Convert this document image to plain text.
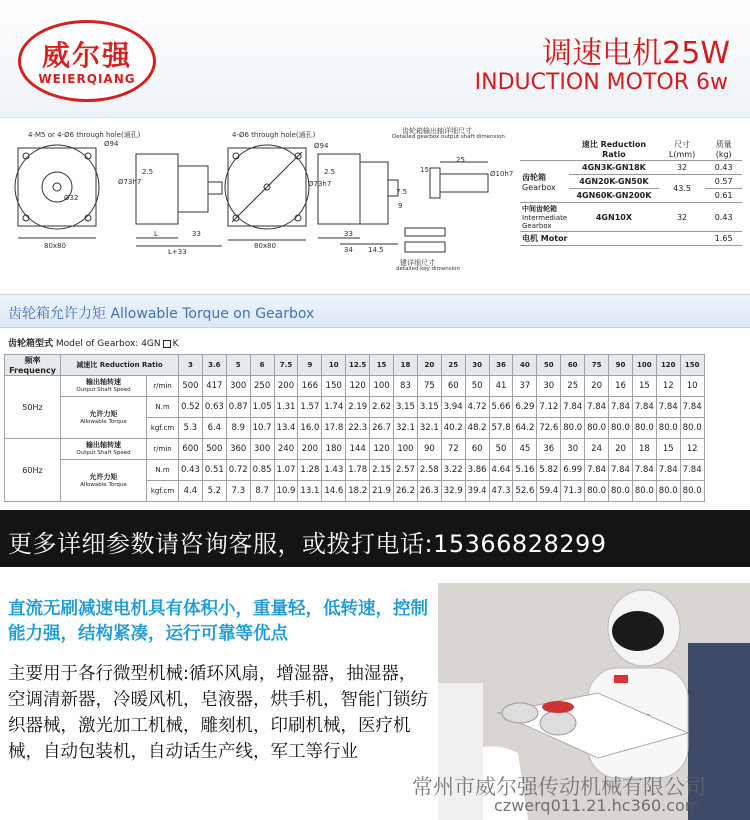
威尔强
WEIERQIANG
调速电机25W
INDUCTION MOTOR 6w
4-M5 or 4-Ø6 through hole(通孔)
Ø94
Ø32
80x80
Ø73h7
2.5
L
L+33
33
4-Ø6 through hole(通孔)
Ø94
80x80
Ø73h7
2.5
33
34 14.5
齿轮箱输出轴详细尺寸
Detailed gearbox output shaft dimension
15
25
Ø10h7
7.5
9
键详细尺寸
detailed key dimension
	速比 Reduction Ratio	尺寸 L(mm)	质量 (kg)
齿轮箱
Gearbox	4GN3K-GN18K	32	0.43
	4GN20K-GN50K	43.5	0.57
	4GN60K-GN200K		0.61
中间齿轮箱
Intermediate
Gearbox	4GN10X	32	0.43
电机 Motor			1.65
齿轮箱允许力矩 Allowable Torque on Gearbox
齿轮箱型式 Model of Gearbox: 4GN K
频率 Frequency	减速比 Reduction Ratio		3	3.6	5	6	7.5	9	10	12.5	15	18	20	25	30	36	40	50	60	75	90	100	120	150
50Hz	输出轴转速
Output Shaft Speed	r/min	500	417	300	250	200	166	150	120	100	83	75	60	50	41	37	30	25	20	16	15	12	10
	允许力矩
Allowable Torque	N.m	0.52	0.63	0.87	1.05	1.31	1.57	1.74	2.19	2.62	3.15	3.15	3.94	4.72	5.66	6.29	7.12	7.84	7.84	7.84	7.84	7.84	7.84
		kgf.cm	5.3	6.4	8.9	10.7	13.4	16.0	17.8	22.3	26.7	32.1	32.1	40.2	48.2	57.8	64.2	72.6	80.0	80.0	80.0	80.0	80.0	80.0
60Hz	输出轴转速
Output Shaft Speed	r/min	600	500	360	300	240	200	180	144	120	100	90	72	60	50	45	36	30	24	20	18	15	12
	允许力矩
Allowable Torque	N.m	0.43	0.51	0.72	0.85	1.07	1.28	1.43	1.78	2.15	2.57	2.58	3.22	3.86	4.64	5.16	5.82	6.99	7.84	7.84	7.84	7.84	7.84
		kgf.cm	4.4	5.2	7.3	8.7	10.9	13.1	14.6	18.2	21.9	26.2	26.3	32.9	39.4	47.3	52.6	59.4	71.3	80.0	80.0	80.0	80.0	80.0
更多详细参数请咨询客服，或拨打电话:15366828299
直流无刷减速电机具有体积小，重量轻，低转速，控制能力强，结构紧凑，运行可靠等优点
主要用于各行微型机械:循环风扇，增湿器，抽湿器，空调清新器，冷暖风机，皂液器，烘手机，智能门锁纺织器械，激光加工机械，雕刻机，印刷机械，医疗机械，自动包装机，自动话生产线，军工等行业
常州市威尔强传动机械有限公司
czwerq011.21.hc360.com
